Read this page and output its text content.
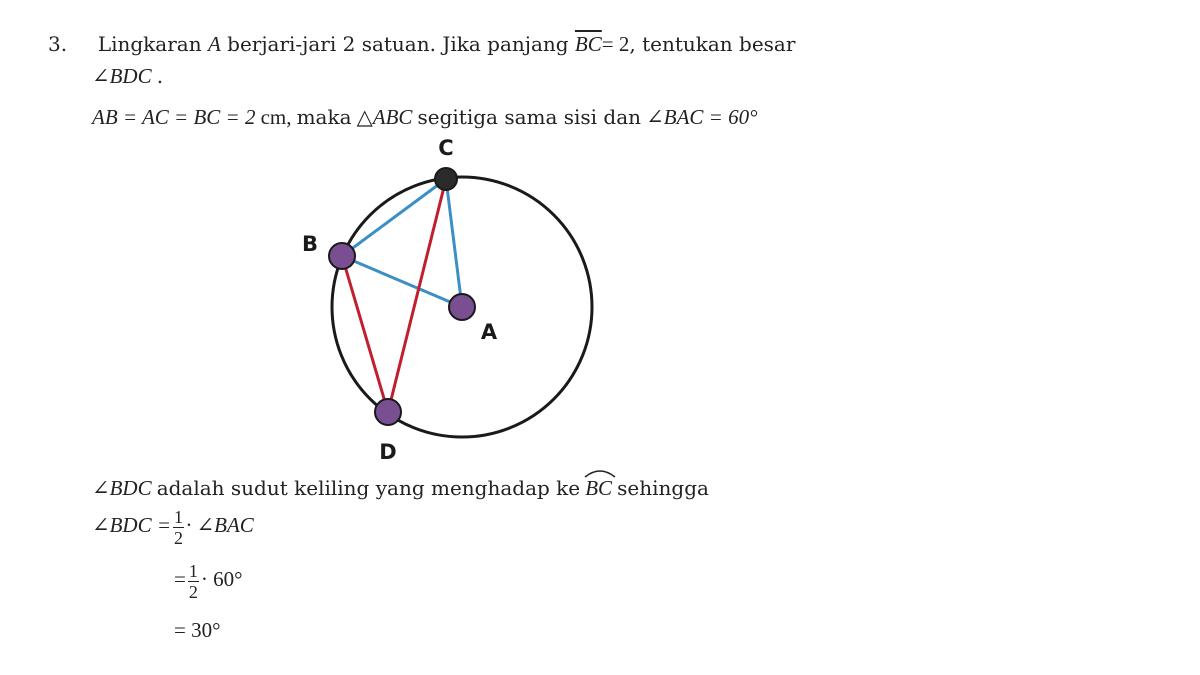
3. Lingkaran A berjari-jari 2 satuan. Jika panjang $\overline{BC}= 2$, tentukan besar
∠BDC .
AB = AC = BC = 2 cm, maka △ABC segitiga sama sisi dan ∠BAC = 60°
C
B
A
D
∠BDC adalah sudut keliling yang menghadap ke BC sehingga
∠BDC = $\frac{1}{2}$ · ∠BAC
= $\frac{1}{2} \cdot 60^\circ$
= 30°
